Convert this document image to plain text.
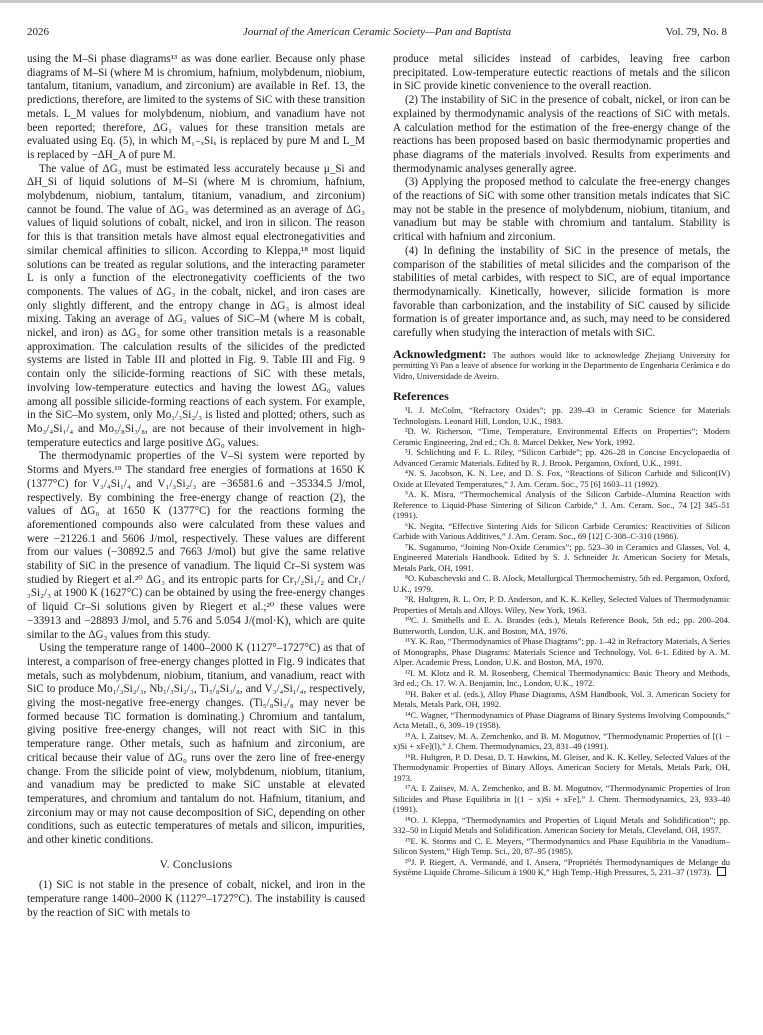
2026	Journal of the American Ceramic Society—Pan and Baptista	Vol. 79, No. 8

using the M–Si phase diagrams¹³ as was done earlier. Because only phase diagrams of M–Si (where M is chromium, hafnium, molybdenum, niobium, tantalum, titanium, vanadium, and zirconium) are available in Ref. 13, the predictions, therefore, are limited to the systems of SiC with these transition metals. L_M values for molybdenum, niobium, and vanadium have not been reported; therefore, ΔG₁ values for these transition metals are evaluated using Eq. (5), in which M₁₋ₓSiₓ is replaced by pure M and L_M is replaced by −ΔH_A of pure M.

The value of ΔG₃ must be estimated less accurately because μ_Si and ΔH_Si of liquid solutions of M–Si (where M is chromium, hafnium, molybdenum, niobium, tantalum, titanium, vanadium, and zirconium) cannot be found. The value of ΔG₃ was determined as an average of ΔG₃ values of liquid solutions of cobalt, nickel, and iron in silicon. The reason for this is that transition metals have almost equal electronegativities and similar chemical affinities to silicon. According to Kleppa,¹⁸ most liquid solutions can be treated as regular solutions, and the interacting parameter L is only a function of the electronegativity coefficients of the two components. The values of ΔG₃ in the cobalt, nickel, and iron cases are only slightly different, and the entropy change in ΔG₃ is almost ideal mixing. Taking an average of ΔG₃ values of SiC–M (where M is cobalt, nickel, and iron) as ΔG₃ for some other transition metals is a reasonable approximation. The calculation results of the silicides of the predicted systems are listed in Table III and plotted in Fig. 9. Table III and Fig. 9 contain only the silicide-forming reactions of SiC with these metals, involving low-temperature eutectics and having the lowest ΔG₀ values among all possible silicide-forming reactions of each system. For example, in the SiC–Mo system, only Mo₁/₃Si₂/₃ is listed and plotted; others, such as Mo₃/₄Si₁/₄ and Mo₅/₈Si₃/₈, are not because of their involvement in high-temperature eutectics and large positive ΔG₀ values.

The thermodynamic properties of the V–Si system were reported by Storms and Myers.¹⁹ The standard free energies of formations at 1650 K (1377°C) for V₃/₄Si₁/₄ and V₁/₃Si₂/₃ are −36581.6 and −35334.5 J/mol, respectively. By combining the free-energy change of reaction (2), the values of ΔG₀ at 1650 K (1377°C) for the reactions forming the aforementioned compounds also were calculated from these values and were −21226.1 and 5606 J/mol, respectively. These values are different from our values (−30892.5 and 7663 J/mol) but give the same relative stability of SiC in the presence of vanadium. The liquid Cr–Si system was studied by Riegert et al.²⁰ ΔG₃ and its entropic parts for Cr₁/₂Si₁/₂ and Cr₁/₃Si₂/₃ at 1900 K (1627°C) can be obtained by using the free-energy changes of liquid Cr–Si solutions given by Riegert et al.;²⁰ these values were −33913 and −28893 J/mol, and 5.76 and 5.054 J/(mol·K), which are quite similar to the ΔG₃ values from this study.

Using the temperature range of 1400–2000 K (1127°–1727°C) as that of interest, a comparison of free-energy changes plotted in Fig. 9 indicates that metals, such as molybdenum, niobium, titanium, and vanadium, react with SiC to produce Mo₁/₃Si₂/₃, Nb₁/₃Si₂/₃, Ti₅/₈Si₃/₈, and V₃/₄Si₁/₄, respectively, giving the most-negative free-energy changes. (Ti₅/₈Si₃/₈ may never be formed because TiC formation is dominating.) Chromium and tantalum, giving positive free-energy changes, will not react with SiC in this temperature range. Other metals, such as hafnium and zirconium, are critical because their value of ΔG₀ runs over the zero line of free-energy change. From the silicide point of view, molybdenum, niobium, titanium, and vanadium may be predicted to make SiC unstable at elevated temperatures, and chromium and tantalum do not. Hafnium, titanium, and zirconium may or may not cause decomposition of SiC, depending on other conditions, such as eutectic temperatures of metals and silicon, impurities, and other kinetic conditions.

V. Conclusions

(1) SiC is not stable in the presence of cobalt, nickel, and iron in the temperature range 1400–2000 K (1127°–1727°C). The instability is caused by the reaction of SiC with metals to

produce metal silicides instead of carbides, leaving free carbon precipitated. Low-temperature eutectic reactions of metals and the silicon in SiC provide kinetic convenience to the overall reaction.

(2) The instability of SiC in the presence of cobalt, nickel, or iron can be explained by thermodynamic analysis of the reactions of SiC with metals. A calculation method for the estimation of the free-energy change of the reactions has been proposed based on basic thermodynamic properties and phase diagrams of the materials involved. Results from experiments and thermodynamic analyses generally agree.

(3) Applying the proposed method to calculate the free-energy changes of the reactions of SiC with some other transition metals indicates that SiC may not be stable in the presence of molybdenum, niobium, titanium, and vanadium but may be stable with chromium and tantalum. Stability is critical with hafnium and zirconium.

(4) In defining the instability of SiC in the presence of metals, the comparison of the stabilities of metal silicides and the comparison of the stabilities of metal carbides, with respect to SiC, are of equal importance thermodynamically. Kinetically, however, silicide formation is more favorable than carbonization, and the instability of SiC caused by silicide formation is of greater importance and, as such, may need to be considered carefully when studying the interaction of metals with SiC.

Acknowledgment: The authors would like to acknowledge Zhejiang University for permitting Yi Pan a leave of absence for working in the Departmento de Engenharia Cerâmica e do Vidro, Universidade de Aveiro.
References

¹I. J. McColm, “Refractory Oxides”; pp. 239–43 in Ceramic Science for Materials Technologists. Leonard Hill, London, U.K., 1983.

²D. W. Richerson, “Time, Temperature, Environmental Effects on Properties”; Modern Ceramic Engineering, 2nd ed.; Ch. 8. Marcel Dekker, New York, 1992.

³J. Schlichting and F. L. Riley, “Silicon Carbide”; pp. 426–28 in Concise Encyclopaedia of Advanced Ceramic Materials. Edited by R. J. Brook. Pergamon, Oxford, U.K., 1991.

⁴N. S. Jacobson, K. N. Lee, and D. S. Fox, “Reactions of Silicon Carbide and Silicon(IV) Oxide at Elevated Temperatures,” J. Am. Ceram. Soc., 75 [6] 1603–11 (1992).

⁵A. K. Misra, “Thermochemical Analysis of the Silicon Carbide–Alumina Reaction with Reference to Liquid-Phase Sintering of Silicon Carbide,” J. Am. Ceram. Soc., 74 [2] 345–51 (1991).

⁶K. Negita, “Effective Sintering Aids for Silicon Carbide Ceramics: Reactivities of Silicon Carbide with Various Additives,” J. Am. Ceram. Soc., 69 [12] C-308–C-310 (1986).

⁷K. Suganumo, “Joining Non-Oxide Ceramics”; pp. 523–30 in Ceramics and Glasses, Vol. 4, Engineered Materials Handbook. Edited by S. J. Schneider Jr. American Society for Metals, Metals Park, OH, 1991.

⁸O. Kubaschevski and C. B. Alock, Metallurgical Thermochemistry, 5th ed. Pergamon, Oxford, U.K., 1979.

⁹R. Hultgren, R. L. Orr, P. D. Anderson, and K. K. Kelley, Selected Values of Thermodynamic Properties of Metals and Alloys. Wiley, New York, 1963.

¹⁰C. J. Smithells and E. A. Brandes (eds.), Metals Reference Book, 5th ed.; pp. 200–204. Butterworth, London, U.K. and Boston, MA, 1976.

¹¹Y. K. Rao, “Thermodynamics of Phase Diagrams”; pp. 1–42 in Refractory Materials, A Series of Monographs, Phase Diagrams: Materials Science and Technology, Vol. 6-1. Edited by A. M. Alper. Academic Press, London, U.K. and Boston, MA, 1970.

¹²I. M. Klotz and R. M. Rosenberg, Chemical Thermodynamics: Basic Theory and Methods, 3rd ed.; Ch. 17. W. A. Benjamin, Inc., London, U.K., 1972.

¹³H. Baker et al. (eds.), Alloy Phase Diagrams, ASM Handbook, Vol. 3. American Society for Metals, Metals Park, OH, 1992.

¹⁴C. Wagner, “Thermodynamics of Phase Diagrams of Binary Systems Involving Compounds,” Acta Metall., 6, 309–19 (1958).

¹⁵A. I. Zaitsev, M. A. Zemchenko, and B. M. Mogutnov, “Thermodynamic Properties of [(1 − x)Si + xFe](l),” J. Chem. Thermodynamics, 23, 831–49 (1991).

¹⁶R. Hultgren, P. D. Desai, D. T. Hawkins, M. Gleiser, and K. K. Kelley, Selected Values of the Thermodynamic Properties of Binary Alloys. American Society for Metals, Metals Park, OH, 1973.

¹⁷A. I. Zaitsev, M. A. Zemchenko, and B. M. Mogutnov, “Thermodynamic Properties of Iron Silicides and Phase Equilibria in [(1 − x)Si + xFe],” J. Chem. Thermodynamics, 23, 933–40 (1991).

¹⁸O. J. Kleppa, “Thermodynamics and Properties of Liquid Metals and Solidification”; pp. 332–50 in Liquid Metals and Solidification. American Society for Metals, Cleveland, OH, 1957.

¹⁹E. K. Storms and C. E. Meyers, “Thermodynamics and Phase Equilibria in the Vanadium–Silicon System,” High Temp. Sci., 20, 87–95 (1985).

²⁰J. P. Riegert, A. Vermandé, and I. Ansera, “Propriétés Thermodynamiques de Melange du Système Liquide Chrome–Silicum à 1900 K,” High Temp.-High Pressures, 5, 231–37 (1973).
